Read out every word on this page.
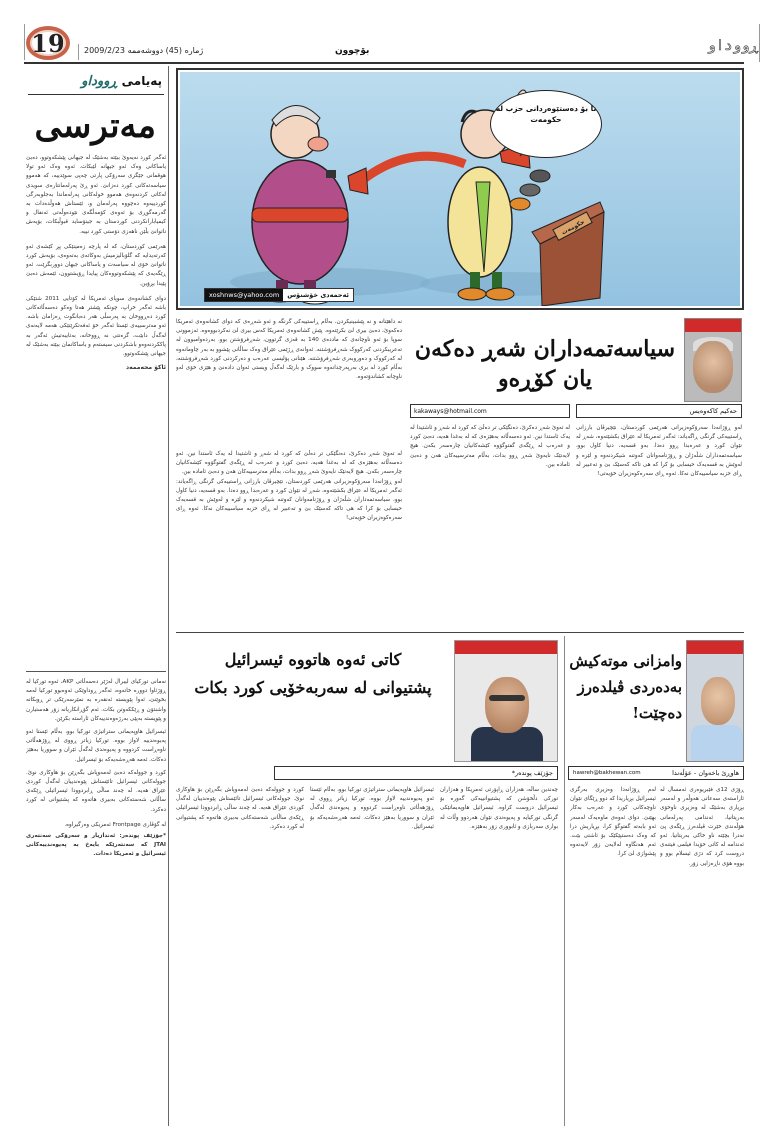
19	ژمارە (45) دووشەممە 2009/2/23	بۆچوون	ڕووداو
پەیامی ڕووداو
مەترسی

ئەگەر کورد نەیەوێ ببێتە بەشێک لە جیهانی پێشکەوتوو، دەبێ یاساکانی وەک ئەو جیهانە لێبکات. ئەوە وەک ئەو تولا هوقمانی جێگری سەرۆکی پارتی چەپی سوێدییە، کە هەموو سیاسەتەکانی کورد دەزانێ. ئەو ڕێ پەرلەمانتارەی سویدی لەکاتی کردنەوەی هەموو خولەکانی پەرلەماندا بەجلوبەرگی کوردییەوە دەچووە پەرلەمان و، ئێستاش هەوڵدەدات بە گەرمەگوڕی بۆ ئەوەی کۆمەڵگەی نێودەوڵەتی ئەنفال و کیمیابارانکردنی کوردستان بە جینۆساید قبوڵبکات، بۆیەش ناتوانێ بڵێن ناهەزی دۆستی کورد نییە.

هەرێمی کوردستان، کە لە پارچە زەمینێکی پڕ کێشەی ئەو کەرتەیدایە کە گلۆبالیزمیش بەوکاتەی بەتەوەی، بۆیەش کورد ناتوانێ خۆی لە سیاسەت و یاساکانی جیهان دووربگرێت. ئەو ڕێگەیەی کە پێشکەوتووەکان پیایدا ڕۆیشتوون، ئێمەش دەبێ پێیدا بڕۆین.

دوای کشانەوەی سوپای ئەمریکا لە کۆتایی 2011 شتێکی باشە ئەگەر خراپ، چونکە پێشتر هەتا وەکو دەسەڵاتەکانی کورد دەڕووخان بە پەرسڵی هەر دەبانگوت ڕەزامان باشە. ئەو مەترسییەی ئێستا ئەگەر خۆ ئەفەتکرێنێکی هەمە لایەنەی لەگەڵ دابێت، گرەنتی نە ڕووخانە، بەتایبەتیش ئەگەر بە پاککردنەوەو باشکردنی سیستەم و یاساکانمان ببێتە بەشێک لە جیهانی پێشکەوتوو.

ئاکۆ محەممەد

نەمانی تورکیای لیبراڵ لەژێر دەسەڵاتی AKP، ئەوە تورکیا لە ڕۆژئاوا دوورە خاتەوە، ئەگەر ڕوداوێکی ئەوەبوو تورکیا لەمە بخوێنێ، ئەوا پێویستە ئەنقەرە بە نمێرسەرێکی تر ڕوبکاتە واشنتۆن و ڕێککەوتن بکات. ئەم گۆڕانکاریانە زۆر هەستیارن و پێویستە بەپێی بەرژەوەندییەکان ئاراستە بکرێن.

ئیسرائیل هاوپەیمانی ستراتیژی تورکیا بوو، بەڵام ئێستا ئەو پەیوەندییە لاواز بووە. تورکیا زیاتر ڕووی لە ڕۆژهەڵاتی ناوەڕاست کردووە و پەیوەندی لەگەڵ ئێران و سووریا بەهێز دەکات. ئەمە هەڕەشەیەکە بۆ ئیسرائیل.

کورد و جوولەکە دەبێ لەمەوپاش بگەڕێن بۆ هاوکاری نوێ. جوولەکانی ئیسرائیل تائێستاش پێوەندییان لەگەڵ کوردی عێراق هەیە. لە چەند ساڵی ڕابردوودا ئیسرائیلی ڕێکەی ساڵانی شەستەکانی بەبیری هاتەوە کە پشتیوانی لە کورد دەکرد.

لە گۆڤاری Frontpage ئەمریکی وەرگیراوە.

*جۆزێف پوندەر: ئەندازیار و سەرۆکی سەنتەری JTAI کە سەنتەرێکە بایەخ بە پەیوەندییەکانی ئیسرائیل و ئەمریکا دەدات.

حکومەت
نا بۆ دەستێوەردانی حزب لە حکومەت
xoshnws@yahoo.com	ئەحمەدی خۆشنۆس
سیاسەتمەداران شەڕ دەکەن یان کۆڕەو
kakaways@hotmail.com	حەکیم کاکەوەیس

لەو ڕۆژانەدا سەرۆکوەزیرانی هەرێمی کوردستان، نێچیرڤان بارزانی ڕاستییەکی گرنگی ڕاگەیاند: ئەگەر ئەمریکا لە عێراق بکشێتەوە، شەڕ لە نێوان کورد و عەرەبدا ڕوو دەدا. بەو قسەیە، دنیا کاول بوو، سیاسەتمەداران شڵەژان و ڕۆژنامەوانان کەوتنە شیکردنەوە و لێرە و لەوێش بە قسەیەک حیسابی بۆ کرا کە هی تاکە کەسێک بێ و تەعبیر لە ڕای حزبە سیاسییەکان نەکا. ئەوە ڕای سەرەکوەزیران خۆیەتی!

لە تەوێ شەڕ دەکرێ، دەنگێکی تر دەڵێ کە کورد لە شەڕ و ئاشتیدا لە یەک ئاستدا نین. ئەو دەسەڵاتە بەهێزەی کە لە بەغدا هەیە، دەبێ کورد و عەرەب لە ڕێگەی گفتوگۆوە کێشەکانیان چارەسەر بکەن. هیچ لایەنێک نایەوێ شەڕ ڕوو بدات، بەڵام مەترسییەکان هەن و دەبێ ئامادە بین.

نە داهێنانە و نە پێشبینیکردن، بەڵام ڕاستییەکی گرنگە و ئەو شەڕەی کە دوای کشانەوەی ئەمریکا دەکەوێ، دەبێ بیری لێ بکرێتەوە. پێش کشانەوەی ئەمریکا کەس بیری لێ نەکردبووەوە. ئەزموونی سوپا بۆ ئەو ناوچانەی کە ماددەی 140 بە قەزی گرتوون، شەڕفرۆشتن بوو. بەردەوامبوون لە تەعریبکردنی کەرکووک شەڕفرۆشتنە. ئەوانەی ڕژێمی عێراق وەک ساڵانی پێشوو بە بەر چاومانەوە لە کەرکووک و دەوروبەری شەڕفرۆشتنە. هێنانی پۆلیسی عەرەب و دەرکردنی کورد شەڕفرۆشتنە، بەڵام کورد لە بری بەرپەرچدانەوە سووک و بارێک لەگەڵ ویستی ئەوان دادەنێ و هێزی خۆی لەو ناوچانە کشاندۆتەوە.

لە تەوێ شەڕ دەکرێ، دەنگێکی تر دەڵێ کە کورد لە شەڕ و ئاشتیدا لە یەک ئاستدا نین. ئەو دەسەڵاتە بەهێزەی کە لە بەغدا هەیە، دەبێ کورد و عەرەب لە ڕێگەی گفتوگۆوە کێشەکانیان چارەسەر بکەن. هیچ لایەنێک نایەوێ شەڕ ڕوو بدات، بەڵام مەترسییەکان هەن و دەبێ ئامادە بین.

لەو ڕۆژانەدا سەرۆکوەزیرانی هەرێمی کوردستان، نێچیرڤان بارزانی ڕاستییەکی گرنگی ڕاگەیاند: ئەگەر ئەمریکا لە عێراق بکشێتەوە، شەڕ لە نێوان کورد و عەرەبدا ڕوو دەدا. بەو قسەیە، دنیا کاول بوو، سیاسەتمەداران شڵەژان و ڕۆژنامەوانان کەوتنە شیکردنەوە و لێرە و لەوێش بە قسەیەک حیسابی بۆ کرا کە هی تاکە کەسێک بێ و تەعبیر لە ڕای حزبە سیاسییەکان نەکا. ئەوە ڕای سەرەکوەزیران خۆیەتی!

وامزانی موتەکیش
بەدەردی ڤیلدەرز دەچێت!
هاوڕێ باخەوان - عۆڵەندا
hawreh@bakhewan.com

ڕۆژی 12ی فێبریوەری ئەمساڵ لە ئاراستەی سەعاتی هەوڵەر و لەسەر بڕیاری بەشێک لە وەزیری ناوخۆی بەریتانیا، ئەندامی پەرلەمانی هۆڵەندی خێرت ڤیلدەرز ڕێگەی پێ نەدرا بچێتە ناو خاکی بەریتانیا. ئەو ئەندامە لە کاتی خۆیدا فیلمی فیتنەی دروست کرد کە دژی ئیسلام بوو و بووە هۆی ناڕەزایی زۆر.

لەم ڕۆژانەدا وەزیری بەرگری ئیسرائیل بڕیاریدا کە دوو ڕێگای نێوان ناوچەکانی کورد و عەرەب بەکار بهێنێ. دوای ئەوەی ماوەیەک لەسەر ئەو بابەتە گفتوگۆ کرا، بڕیاریش درا کە وەک دەستپێکێک بۆ ئاشتی بێت. ئەم هەنگاوە لەلایەن زۆر لایەنەوە پێشوازی لێ کرا.

کاتی ئەوە هاتووە ئیسرائیل
پشتیوانی لە سەربەخۆیی کورد بکات
جۆزێف پوندەر*

چەندین ساڵە، هەزاران ڕاپۆرتی ئەمریکا و هەزاران تورکی دڵخۆشن کە پشتیوانییەکی گەورە بۆ ئیسرائیل دروست کراوە. ئیسرائیل هاوپەیمانێکی گرنگی تورکیایە و پەیوەندی نێوان هەردوو وڵات لە بواری سەربازی و ئابووری زۆر بەهێزە.

ئیسرائیل هاوپەیمانی ستراتیژی تورکیا بوو، بەڵام ئێستا ئەو پەیوەندییە لاواز بووە. تورکیا زیاتر ڕووی لە ڕۆژهەڵاتی ناوەڕاست کردووە و پەیوەندی لەگەڵ ئێران و سووریا بەهێز دەکات. ئەمە هەڕەشەیەکە بۆ ئیسرائیل.

کورد و جوولەکە دەبێ لەمەوپاش بگەڕێن بۆ هاوکاری نوێ. جوولەکانی ئیسرائیل تائێستاش پێوەندییان لەگەڵ کوردی عێراق هەیە. لە چەند ساڵی ڕابردوودا ئیسرائیلی ڕێکەی ساڵانی شەستەکانی بەبیری هاتەوە کە پشتیوانی لە کورد دەکرد.
